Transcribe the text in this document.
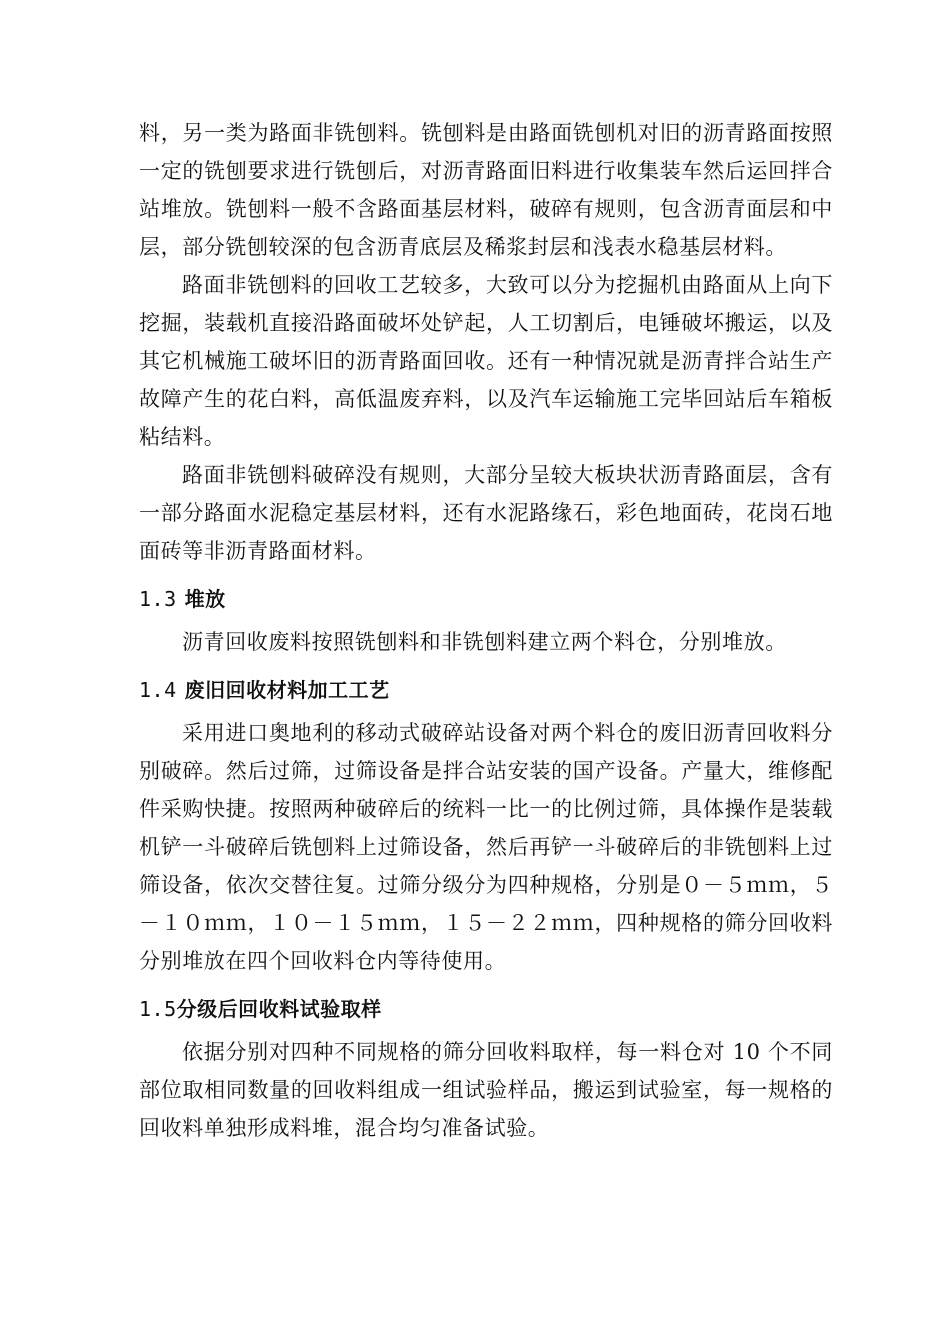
料，另一类为路面非铣刨料。铣刨料是由路面铣刨机对旧的沥青路面按照一定的铣刨要求进行铣刨后，对沥青路面旧料进行收集装车然后运回拌合站堆放。铣刨料一般不含路面基层材料，破碎有规则，包含沥青面层和中层，部分铣刨较深的包含沥青底层及稀浆封层和浅表水稳基层材料。

路面非铣刨料的回收工艺较多，大致可以分为挖掘机由路面从上向下挖掘，装载机直接沿路面破坏处铲起，人工切割后，电锤破坏搬运，以及其它机械施工破坏旧的沥青路面回收。还有一种情况就是沥青拌合站生产故障产生的花白料，高低温废弃料，以及汽车运输施工完毕回站后车箱板粘结料。

路面非铣刨料破碎没有规则，大部分呈较大板块状沥青路面层，含有一部分路面水泥稳定基层材料，还有水泥路缘石，彩色地面砖，花岗石地面砖等非沥青路面材料。

1.3 堆放

沥青回收废料按照铣刨料和非铣刨料建立两个料仓，分别堆放。

1.4 废旧回收材料加工工艺

采用进口奥地利的移动式破碎站设备对两个料仓的废旧沥青回收料分别破碎。然后过筛，过筛设备是拌合站安装的国产设备。产量大，维修配件采购快捷。按照两种破碎后的统料一比一的比例过筛，具体操作是装载机铲一斗破碎后铣刨料上过筛设备，然后再铲一斗破碎后的非铣刨料上过筛设备，依次交替往复。过筛分级分为四种规格，分别是０－５ｍｍ，５－１０ｍｍ，１０－１５ｍｍ，１５－２２ｍｍ，四种规格的筛分回收料分别堆放在四个回收料仓内等待使用。

1.5分级后回收料试验取样

依据分别对四种不同规格的筛分回收料取样，每一料仓对 10 个不同部位取相同数量的回收料组成一组试验样品，搬运到试验室，每一规格的回收料单独形成料堆，混合均匀准备试验。
